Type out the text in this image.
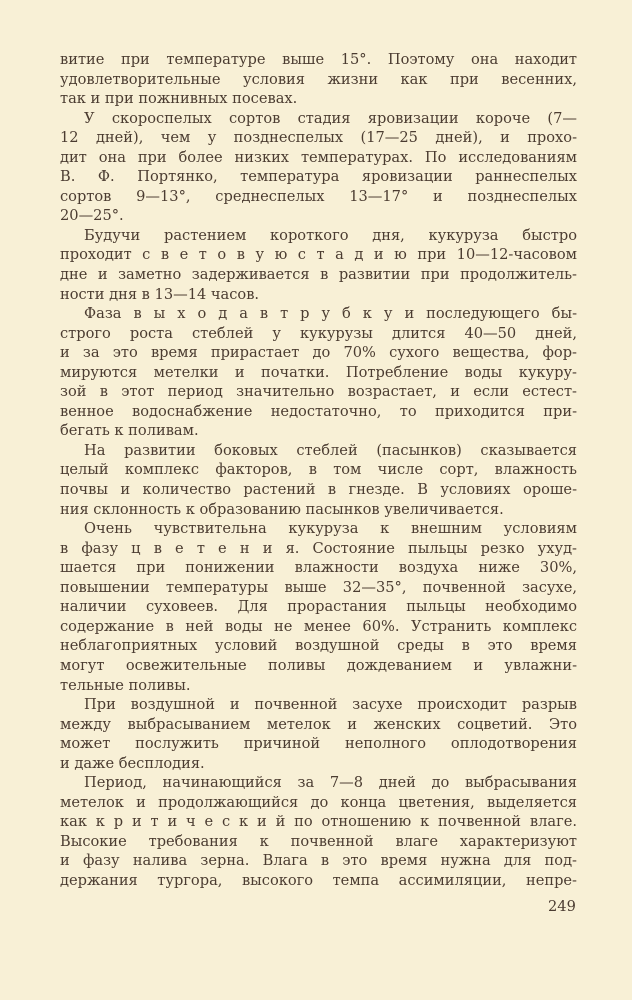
витие при температуре выше 15°. Поэтому она находит
удовлетворительные условия жизни как при весенних,
так и при пожнивных посевах.
У скороспелых сортов стадия яровизации короче (7—
12 дней), чем у позднеспелых (17—25 дней), и прохо-
дит она при более низких температурах. По исследованиям
В. Ф. Портянко, температура яровизации раннеспелых
сортов 9—13°, среднеспелых 13—17° и позднеспелых
20—25°.
Будучи растением короткого дня, кукуруза быстро
проходит с в е т о в у ю с т а д и ю при 10—12-часовом
дне и заметно задерживается в развитии при продолжитель-
ности дня в 13—14 часов.
Фаза в ы х о д а в т р у б к у и последующего бы-
строго роста стеблей у кукурузы длится 40—50 дней,
и за это время прирастает до 70% сухого вещества, фор-
мируются метелки и початки. Потребление воды кукуру-
зой в этот период значительно возрастает, и если естест-
венное водоснабжение недостаточно, то приходится при-
бегать к поливам.
На развитии боковых стеблей (пасынков) сказывается
целый комплекс факторов, в том числе сорт, влажность
почвы и количество растений в гнезде. В условиях ороше-
ния склонность к образованию пасынков увеличивается.
Очень чувствительна кукуруза к внешним условиям
в фазу ц в е т е н и я. Состояние пыльцы резко ухуд-
шается при понижении влажности воздуха ниже 30%,
повышении температуры выше 32—35°, почвенной засухе,
наличии суховеев. Для прорастания пыльцы необходимо
содержание в ней воды не менее 60%. Устранить комплекс
неблагоприятных условий воздушной среды в это время
могут освежительные поливы дождеванием и увлажни-
тельные поливы.
При воздушной и почвенной засухе происходит разрыв
между выбрасыванием метелок и женских соцветий. Это
может послужить причиной неполного оплодотворения
и даже бесплодия.
Период, начинающийся за 7—8 дней до выбрасывания
метелок и продолжающийся до конца цветения, выделяется
как к р и т и ч е с к и й по отношению к почвенной влаге.
Высокие требования к почвенной влаге характеризуют
и фазу налива зерна. Влага в это время нужна для под-
держания тургора, высокого темпа ассимиляции, непре-
249
